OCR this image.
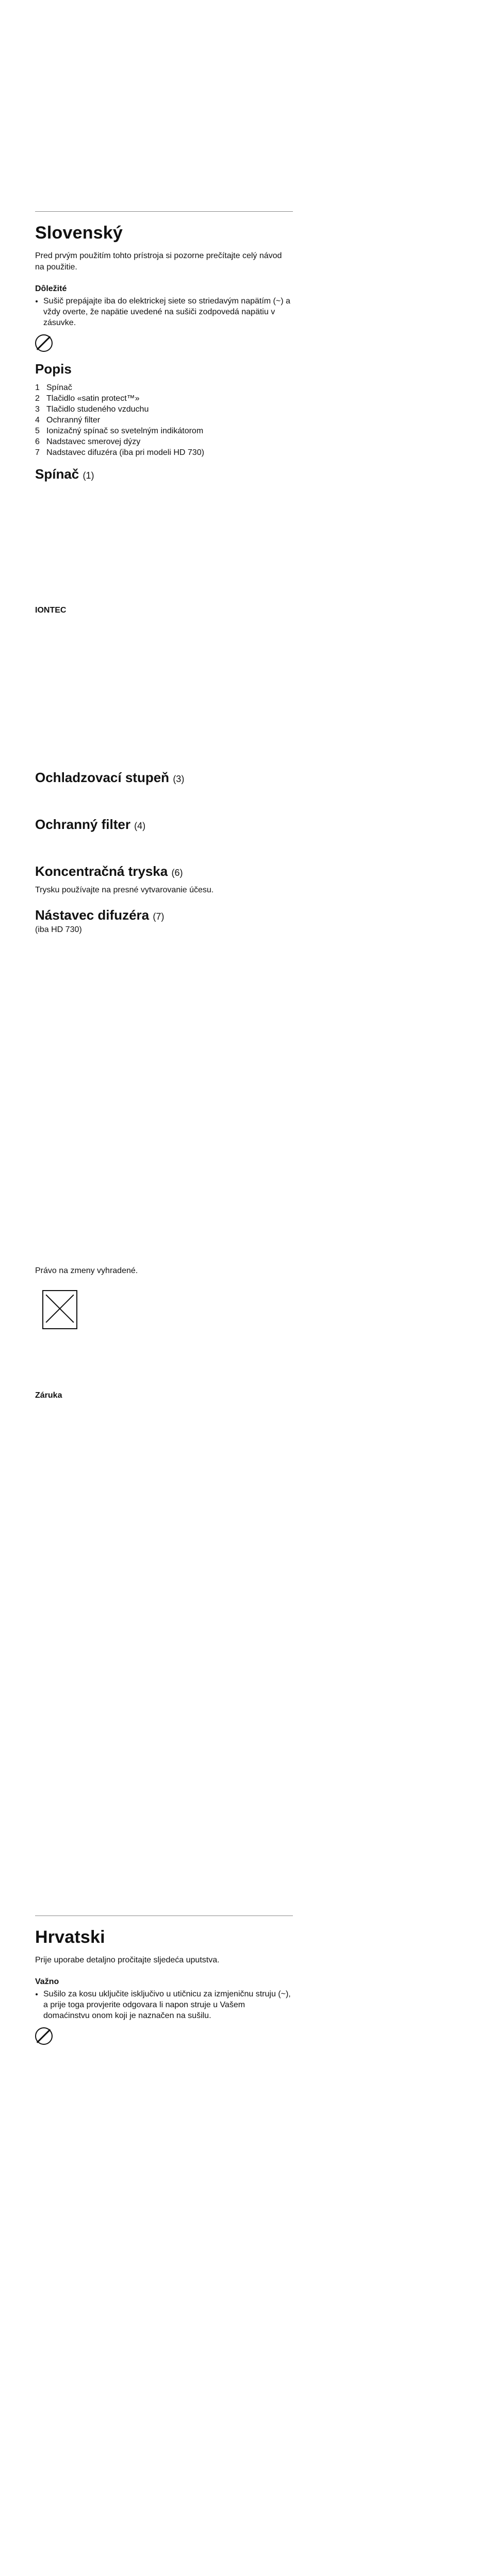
Slovenský

Pred prvým použitím tohto prístroja si pozorne prečítajte celý návod na použitie.

Dôležité
• Sušič prepájajte iba do elektrickej siete so striedavým napätím (~) a vždy overte, že napätie uvedené na sušiči zodpovedá napätiu v zásuvke.
Popis
1 Spínač
2 Tlačidlo «satin protect™»
3 Tlačidlo studeného vzduchu
4 Ochranný filter
5 Ionizačný spínač so svetelným indikátorom
6 Nadstavec smerovej dýzy
7 Nadstavec difuzéra (iba pri modeli HD 730)
Spínač (1)
IONTEC
Ochladzovací stupeň (3)
Ochranný filter (4)
Koncentračná tryska (6)

Trysku používajte na presné vytvarovanie účesu.

Nástavec difuzéra (7)

(iba HD 730)

Právo na zmeny vyhradené.

Záruka
Hrvatski

Prije uporabe detaljno pročitajte sljedeća uputstva.

Važno
• Sušilo za kosu uključite isključivo u utičnicu za izmjeničnu struju (~), a prije toga provjerite odgovara li napon struje u Vašem domaćinstvu onom koji je naznačen na sušilu.
